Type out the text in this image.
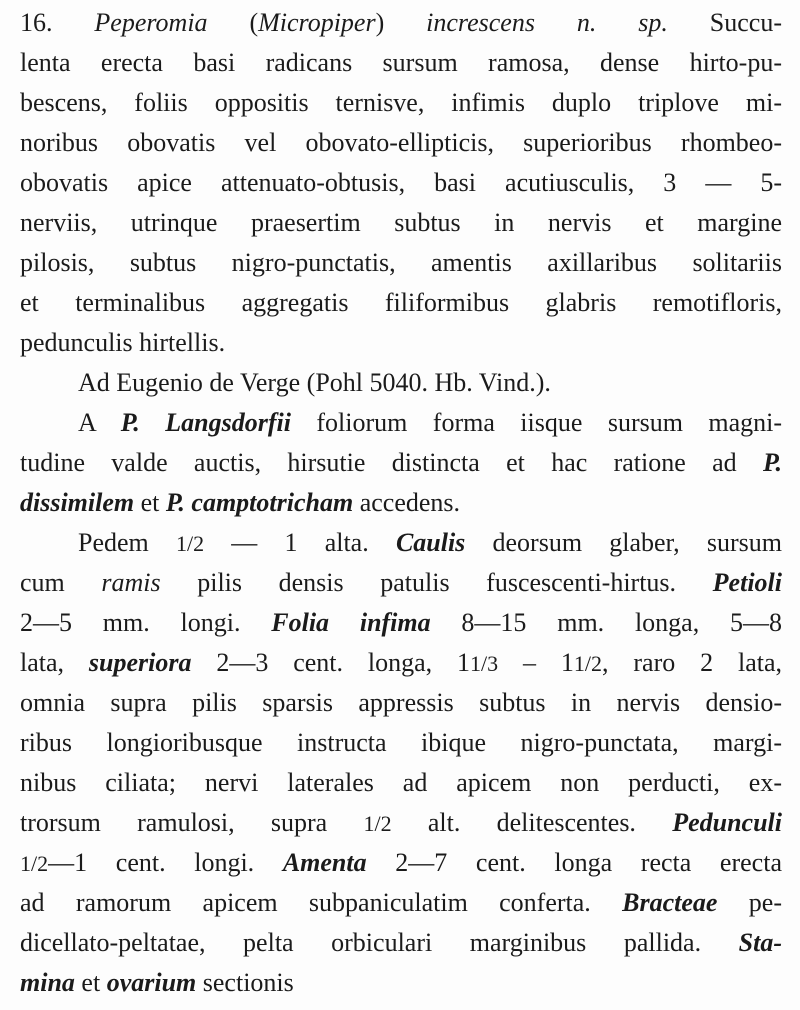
16. Peperomia (Micropiper) increscens n. sp. Succu-
lenta erecta basi radicans sursum ramosa, dense hirto-pu-
bescens, foliis oppositis ternisve, infimis duplo triplove mi-
noribus obovatis vel obovato-ellipticis, superioribus rhombeo-
obovatis apice attenuato-obtusis, basi acutiusculis, 3 — 5-
nerviis, utrinque praesertim subtus in nervis et margine
pilosis, subtus nigro-punctatis, amentis axillaribus solitariis
et terminalibus aggregatis filiformibus glabris remotifloris,
pedunculis hirtellis.
Ad Eugenio de Verge (Pohl 5040. Hb. Vind.).
A P. Langsdorfii foliorum forma iisque sursum magni-
tudine valde auctis, hirsutie distincta et hac ratione ad P.
dissimilem et P. camptotricham accedens.
Pedem 1/2 — 1 alta. Caulis deorsum glaber, sursum
cum ramis pilis densis patulis fuscescenti-hirtus. Petioli
2—5 mm. longi. Folia infima 8—15 mm. longa, 5—8
lata, superiora 2—3 cent. longa, 11/3 – 11/2, raro 2 lata,
omnia supra pilis sparsis appressis subtus in nervis densio-
ribus longioribusque instructa ibique nigro-punctata, margi-
nibus ciliata; nervi laterales ad apicem non perducti, ex-
trorsum ramulosi, supra 1/2 alt. delitescentes. Pedunculi
1/2—1 cent. longi. Amenta 2—7 cent. longa recta erecta
ad ramorum apicem subpaniculatim conferta. Bracteae pe-
dicellato-peltatae, pelta orbiculari marginibus pallida. Sta-
mina et ovarium sectionis
